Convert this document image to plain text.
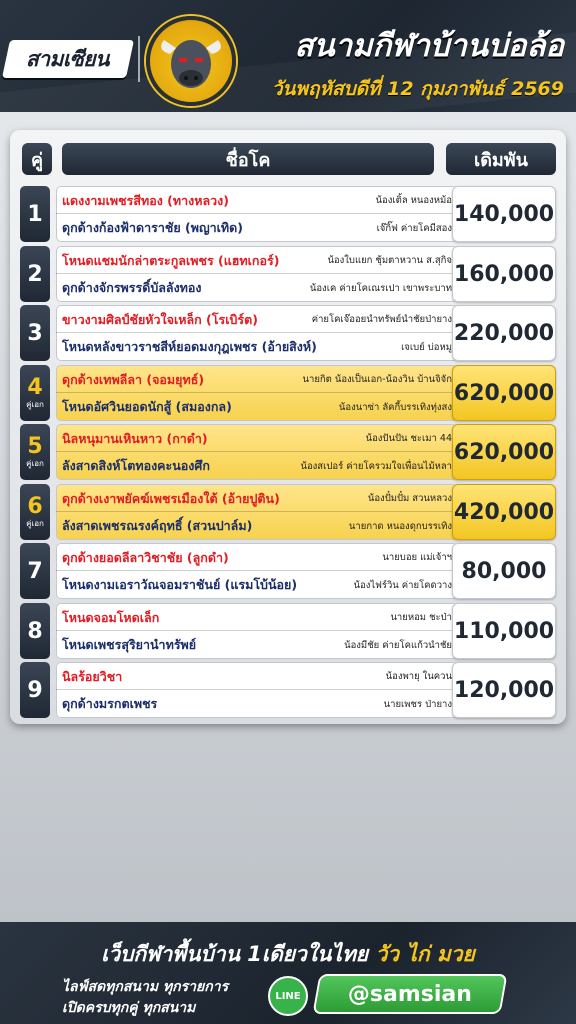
สามเซียน	สนามกีฬาบ้านบ่อล้อ
วันพฤหัสบดีที่ 12 กุมภาพันธ์ 2569
คู่	ชื่อโค	เดิมพัน
1
แดงงามเพชรสีทอง (ทางหลวง)	น้องเติ้ล หนองหม้อ
ดุกด้างก้องฟ้าดาราชัย (พญาเทิด)	เจ๊กิ๊ฟ ค่ายโคมีสอง
140,000
2
โหนดแชมนักล่าตระกูลเพชร (แฮทเกอร์)	น้องใบแยก ชุ้มตาหวาน ส.สุกิจ
ดุกด้างจักรพรรดิ์บัลลังทอง	น้องเค ค่ายโคเณรเปา เขาพระบาท
160,000
3
ขาวงามศิลป์ชัยหัวใจเหล็ก (โรเบิร์ต)	ค่ายโคเจ๊ออยนำทรัพย์นำชัยป่ายาง
โหนดหลังขาวราชสีห์ยอดมงกุฎเพชร (อ้ายสิงห์)	เจเบย์ บ่อหมู
220,000
4
คู่เอก
ดุกด้างเทพลีลา (จอมยุทธ์)	นายกิต น้องเป็นเอก-น้องวิน บ้านจิจัก
โหนดอัศวินยอดนักสู้ (สมองกล)	น้องนาซ่า ลัคกี้บรรเทิงทุ่งสง
620,000
5
คู่เอก
นิลหนุมานเหินหาว (กาดำ)	น้องปันปัน ชะเมา 44
ลังสาดสิงห์โตทองคะนองศึก	น้องสเปอร์ ค่ายโครวมใจเพื่อนไม้หลา
620,000
6
คู่เอก
ดุกด้างเงาพยัคฆ์เพชรเมืองใต้ (อ้ายปูติน)	น้องปั๋มปั๋ม สวนหลวง
ลังสาดเพชรณรงค์ฤทธิ์ (สวนปาล์ม)	นายกาด หนองดุกบรรเทิง
420,000
7
ดุกด้างยอดลีลาวิชาชัย (ลูกดำ)	นายบอย แม่เจ้าฯ
โหนดงามเอราวัณจอมราชันย์ (แรมโบ้น้อย)	น้องไฟร์วิน ค่ายโคดวาง
80,000
8
โหนดจอมโหดเล็ก	นายหอม ชะป่า
โหนดเพชรสุริยานำทรัพย์	น้องมีชัย ค่ายโคแก้วนำชัย
110,000
9
นิลร้อยวิชา	น้องพายุ ในควน
ดุกด้างมรกตเพชร	นายเพชร ป่ายาง
120,000
เว็บกีฬาพื้นบ้าน 1เดียวในไทย วัว ไก่ มวย
ไลฟ์สดทุกสนาม ทุกรายการ
เปิดครบทุกคู่ ทุกสนาม
LINE	@samsian
